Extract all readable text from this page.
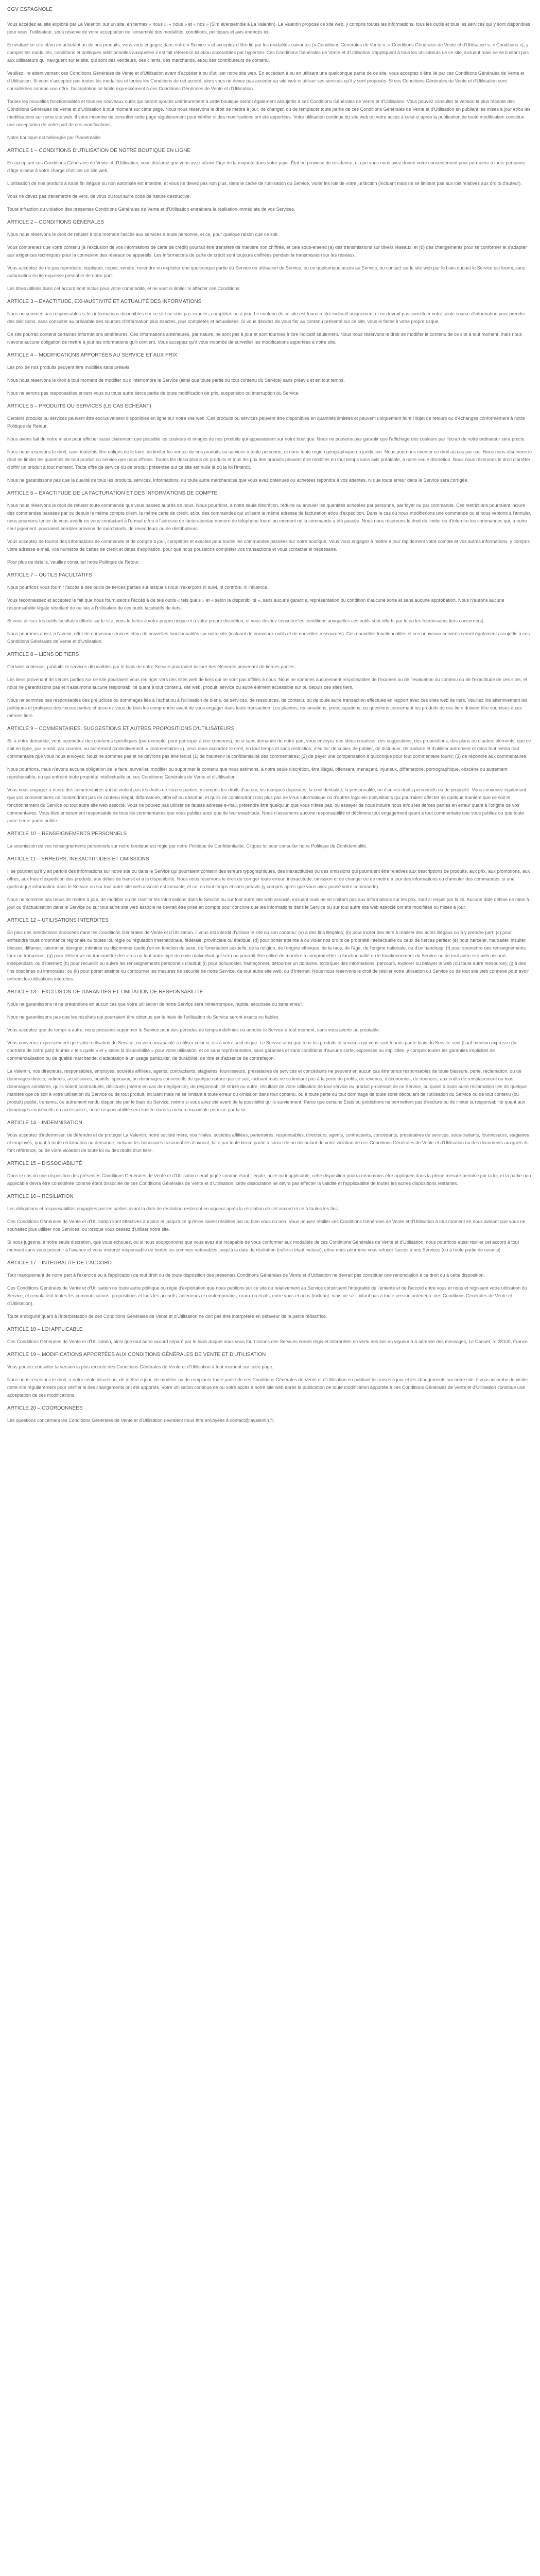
CGV ESPAGNOLE

Vous accédez au site exploité par La Valentin, sur un site, en termes « nous », « nous » et « nos » (Sim et/ensemble à La Valentin). La Valentin propose ce site web, y compris toutes les informations, tous les outils et tous les services qui y sont disponibles pour vous, l'utilisateur, sous réserve de votre acceptation de l'ensemble des modalités, conditions, politiques et avis énoncés ici.

En visitant ce site et/ou en achetant un de nos produits, vous vous engagez dans notre « Service » et acceptez d'être lié par les modalités suivantes (« Conditions Générales de Vente », « Conditions Générales de Vente et d'Utilisation », « Conditions »), y compris les modalités, conditions et politiques additionnelles auxquelles il est fait référence ici et/ou accessibles par hyperlien. Ces Conditions Générales de Vente et d'Utilisation s'appliquent à tous les utilisateurs de ce site, incluant mais ne se limitant pas aux utilisateurs qui naviguent sur le site, qui sont des vendeurs, des clients, des marchands, et/ou des contributeurs de contenu.

Veuillez lire attentivement ces Conditions Générales de Vente et d'Utilisation avant d'accéder à ou d'utiliser notre site web. En accédant à ou en utilisant une quelconque partie de ce site, vous acceptez d'être lié par ces Conditions Générales de Vente et d'Utilisation. Si vous n'acceptez pas toutes les modalités et toutes les Conditions de cet accord, alors vous ne devez pas accéder au site web ni utiliser ses services qu'il y sont proposés. Si ces Conditions Générales de Vente et d'Utilisation sont considérées comme une offre, l'acceptation se limite expressément à ces Conditions Générales de Vente et d'Utilisation.

Toutes les nouvelles fonctionnalités et tous les nouveaux outils qui seront ajoutés ultérieurement à cette boutique seront également assujettis à ces Conditions Générales de Vente et d'Utilisation. Vous pouvez consulter la version la plus récente des Conditions Générales de Vente et d'Utilisation à tout moment sur cette page. Nous nous réservons le droit de mettre à jour, de changer, ou de remplacer toute partie de ces Conditions Générales de Vente et d'Utilisation en publiant les mises à jour et/ou les modifications sur notre site web. Il vous incombe de consulter cette page régulièrement pour vérifier si des modifications ont été apportées. Votre utilisation continue du site web ou votre accès à celui-ci après la publication de toute modification constitue une acceptation de votre part de ces modifications.

Notre boutique est hébergée par Planetmailer.

ARTICLE 1 – CONDITIONS D'UTILISATION DE NOTRE BOUTIQUE EN LIGNE

En acceptant ces Conditions Générales de Vente et d'Utilisation, vous déclarez que vous avez atteint l'âge de la majorité dans votre pays, État ou province de résidence, et que vous nous avez donné votre consentement pour permettre à toute personne d'âge mineur à votre charge d'utiliser ce site web.

L'utilisation de nos produits à toute fin illégale ou non autorisée est interdite, et vous ne devez pas non plus, dans le cadre de l'utilisation du Service, violer les lois de votre juridiction (incluant mais ne se limitant pas aux lois relatives aux droits d'auteur).

Vous ne devez pas transmettre de vers, de virus ou tout autre code de nature destructive.

Toute infraction ou violation des présentes Conditions Générales de Vente et d'Utilisation entraînera la résiliation immédiate de vos Services.

ARTICLE 2 – CONDITIONS GÉNÉRALES

Nous nous réservons le droit de refuser à tout moment l'accès aux services à toute personne, et ce, pour quelque raison que ce soit.

Vous comprenez que votre contenu (à l'exclusion de vos informations de carte de crédit) pourrait être transféré de manière non chiffrée, et cela sous-entend (a) des transmissions sur divers réseaux; et (b) des changements pour se conformer et s'adapter aux exigences techniques pour la connexion des réseaux ou appareils. Les informations de carte de crédit sont toujours chiffrées pendant la transmission sur les réseaux.

Vous acceptez de ne pas reproduire, dupliquer, copier, vendre, revendre ou exploiter une quelconque partie du Service ou utilisation du Service, ou un quelconque accès au Service, ou contact sur le site web par le biais duquel le Service est fourni, sans autorisation écrite expresse préalable de notre part.

Les titres utilisés dans cet accord sont inclus pour votre commodité, et ne vont ni limiter ni affecter ces Conditions.

ARTICLE 3 – EXACTITUDE, EXHAUSTIVITÉ ET ACTUALITÉ DES INFORMATIONS

Nous ne sommes pas responsables si les informations disponibles sur ce site ne sont pas exactes, complètes ou à jour. Le contenu de ce site est fourni à titre indicatif uniquement et ne devrait pas constituer votre seule source d'information pour prendre des décisions, sans consulter au préalable des sources d'information plus exactes, plus complètes et actualisées. Si vous décidez de vous fier au contenu présenté sur ce site, vous le faites à votre propre risque.

Ce site pourrait contenir certaines informations antérieures. Ces informations antérieures, par nature, ne sont pas à jour et sont fournies à titre indicatif seulement. Nous nous réservons le droit de modifier le contenu de ce site à tout moment, mais nous n'avons aucune obligation de mettre à jour les informations qu'il contient. Vous acceptez qu'il vous incombe de surveiller les modifications apportées à notre site.

ARTICLE 4 – MODIFICATIONS APPORTÉES AU SERVICE ET AUX PRIX

Les prix de nos produits peuvent être modifiés sans préavis.

Nous nous réservons le droit à tout moment de modifier ou d'interrompre le Service (ainsi que toute partie ou tout contenu du Service) sans préavis et en tout temps.

Nous ne serons pas responsables envers vous ou toute autre tierce partie de toute modification de prix, suspension ou interruption du Service.

ARTICLE 5 – PRODUITS OU SERVICES (LE CAS ÉCHÉANT)

Certains produits ou services peuvent être exclusivement disponibles en ligne sur notre site web. Ces produits ou services peuvent être disponibles en quantités limitées et peuvent uniquement faire l'objet de retours ou d'échanges conformément à notre Politique de Retour.

Nous avons fait de notre mieux pour afficher aussi clairement que possible les couleurs et images de nos produits qui apparaissent sur notre boutique. Nous ne pouvons pas garantir que l'affichage des couleurs par l'écran de votre ordinateur sera précis.

Nous nous réservons le droit, sans toutefois être obligés de le faire, de limiter les ventes de nos produits ou services à toute personne, et dans toute région géographique ou juridiction. Nous pourrions exercer ce droit au cas par cas. Nous nous réservons le droit de limiter les quantités de tout produit ou service que nous offrons. Toutes les descriptions de produits et tous les prix des produits peuvent être modifiés en tout temps sans avis préalable, à notre seule discrétion. Nous nous réservons le droit d'arrêter d'offrir un produit à tout moment. Toute offre de service ou de produit présentée sur ce site est nulle là où la loi l'interdit.

Nous ne garantissons pas que la qualité de tous les produits, services, informations, ou toute autre marchandise que vous avez obtenues ou achetées répondra à vos attentes, ni que toute erreur dans le Service sera corrigée.

ARTICLE 6 – EXACTITUDE DE LA FACTURATION ET DES INFORMATIONS DE COMPTE

Nous nous réservons le droit de refuser toute commande que vous passez auprès de nous. Nous pourrions, à notre seule discrétion, réduire ou annuler les quantités achetées par personne, par foyer ou par commande. Ces restrictions pourraient inclure des commandes passées par ou depuis le même compte client, la même carte de crédit, et/ou des commandes qui utilisent la même adresse de facturation et/ou d'expédition. Dans le cas où nous modifierions une commande ou si nous venions à l'annuler, nous pourrions tenter de vous avertir en vous contactant à l'e-mail et/ou à l'adresse de facturation/au numéro de téléphone fourni au moment où la commande a été passée. Nous nous réservons le droit de limiter ou d'interdire les commandes qui, à notre seul jugement, pourraient sembler provenir de marchands, de revendeurs ou de distributeurs.

Vous acceptez de fournir des informations de commande et de compte à jour, complètes et exactes pour toutes les commandes passées sur notre boutique. Vous vous engagez à mettre à jour rapidement votre compte et vos autres informations, y compris votre adresse e-mail, vos numéros de cartes de crédit et dates d'expiration, pour que nous poussions compléter vos transactions et vous contacter si nécessaire.

Pour plus de détails, veuillez consulter notre Politique de Retour.

ARTICLE 7 – OUTILS FACULTATIFS

Nous pourrions vous fournir l'accès à des outils de tierces parties sur lesquels nous n'exerçons ni suivi, ni contrôle, ni influence.

Vous reconnaissez et acceptez le fait que nous fournissions l'accès à de tels outils « tels quels » et « selon la disponibilité », sans aucune garantie, représentation ou condition d'aucune sorte et sans aucune approbation. Nous n'aurons aucune responsabilité légale résultant de ou liée à l'utilisation de ces outils facultatifs de tiers.

Si vous utilisez les outils facultatifs offerts sur le site, vous le faites à votre propre risque et à votre propre discrétion, et vous devriez consulter les conditions auxquelles ces outils sont offerts par le ou les fournisseurs tiers concerné(s).

Nous pourrions aussi, à l'avenir, offrir de nouveaux services et/ou de nouvelles fonctionnalités sur notre site (incluant de nouveaux outils et de nouvelles ressources). Ces nouvelles fonctionnalités et ces nouveaux services seront également assujettis à ces Conditions Générales de Vente et d'Utilisation.

ARTICLE 8 – LIENS DE TIERS

Certains contenus, produits et services disponibles par le biais de notre Service pourraient inclure des éléments provenant de tierces parties.

Les liens provenant de tierces parties sur ce site pourraient vous rediriger vers des sites web de tiers qui ne sont pas affiliés à nous. Nous ne sommes aucunement responsables de l'examen ou de l'évaluation du contenu ou de l'exactitude de ces sites, et nous ne garantissons pas et n'assumons aucune responsabilité quant à tout contenu, site web, produit, service ou autre élément accessible sur ou depuis ces sites tiers.

Nous ne sommes pas responsables des préjudices ou dommages liés à l'achat ou à l'utilisation de biens, de services, de ressources, de contenu, ou de toute autre transaction effectuée en rapport avec ces sites web de tiers. Veuillez lire attentivement les politiques et pratiques des tierces parties et assurez-vous de bien les comprendre avant de vous engager dans toute transaction. Les plaintes, réclamations, préoccupations, ou questions concernant les produits de ces tiers doivent être soumises à ces mêmes tiers.

ARTICLE 9 – COMMENTAIRES, SUGGESTIONS ET AUTRES PROPOSITIONS D'UTILISATEURS

Si, à notre demande, vous soumettez des contenus spécifiques (par exemple, pour participer à des concours), ou si sans demande de notre part, vous envoyez des idées créatives, des suggestions, des propositions, des plans ou d'autres éléments, que ce soit en ligne, par e-mail, par courrier, ou autrement (collectivement, « commentaires »), vous nous accordez le droit, en tout temps et sans restriction, d'éditer, de copier, de publier, de distribuer, de traduire et d'utiliser autrement et dans tout média tout commentaire que vous nous envoyez. Nous ne sommes pas et ne devrons pas être tenus (1) de maintenir la confidentialité des commentaires; (2) de payer une compensation à quiconque pour tout commentaire fourni; (3) de répondre aux commentaires.

Nous pourrions, mais n'avons aucune obligation de le faire, surveiller, modifier ou supprimer le contenu que nous estimons, à notre seule discrétion, être illégal, offensant, menaçant, injurieux, diffamatoire, pornographique, obscène ou autrement répréhensible, ou qui enfreint toute propriété intellectuelle ou ces Conditions Générales de Vente et d'Utilisation.

Vous vous engagez à écrire des commentaires qui ne violent pas les droits de tierces parties, y compris les droits d'auteur, les marques déposées, la confidentialité, la personnalité, ou d'autres droits personnels ou de propriété. Vous convenez également que vos commentaires ne contiendront pas de contenu illégal, diffamatoire, offensif ou obscène, et qu'ils ne contiendront non plus pas de virus informatique ou d'autres logiciels malveillants qui pourraient affecter de quelque manière que ce soit le fonctionnement du Service ou tout autre site web associé. Vous ne pouvez pas utiliser de fausse adresse e-mail, prétendre être quelqu'un que vous n'êtes pas, ou essayer de nous induire nous et/ou les tierces parties en erreur quant à l'origine de vos commentaires. Vous êtes entièrement responsable de tous les commentaires que vous publiez ainsi que de leur exactitude. Nous n'assumons aucune responsabilité et déclinons tout engagement quant à tout commentaire que vous publiez ou que toute autre tierce partie publie.

ARTICLE 10 – RENSEIGNEMENTS PERSONNELS

La soumission de vos renseignements personnels sur notre boutique est régie par notre Politique de Confidentialité. Cliquez ici pour consulter notre Politique de Confidentialité.

ARTICLE 11 – ERREURS, INEXACTITUDES ET OMISSIONS

Il se pourrait qu'il y ait parfois des informations sur notre site ou dans le Service qui pourraient contenir des erreurs typographiques, des inexactitudes ou des omissions qui pourraient être relatives aux descriptions de produits, aux prix, aux promotions, aux offres, aux frais d'expédition des produits, aux délais de transit et à la disponibilité. Nous nous réservons le droit de corriger toute erreur, inexactitude, omission et de changer ou de mettre à jour des informations ou d'annuler des commandes, si une quelconque information dans le Service ou sur tout autre site web associé est inexacte, et ce, en tout temps et sans préavis (y compris après que vous ayez passé votre commande).

Nous ne sommes pas tenus de mettre à jour, de modifier ou de clarifier les informations dans le Service ou sur tout autre site web associé, incluant mais ne se limitant pas aux informations sur les prix, sauf si requis par la loi. Aucune date définie de mise à jour ou d'actualisation dans le Service ou sur tout autre site web associé ne devrait être prise en compte pour conclure que les informations dans le Service ou sur tout autre site web associé ont été modifiées ou mises à jour.

ARTICLE 12 – UTILISATIONS INTERDITES

En plus des interdictions énoncées dans les Conditions Générales de Vente et d'Utilisation, il vous est interdit d'utiliser le site ou son contenu: (a) à des fins illégales; (b) pour inciter des tiers à réaliser des actes illégaux ou à y prendre part; (c) pour enfreindre toute ordonnance régionale ou toutes loi, règle ou régulation internationale, fédérale, provinciale ou étatique; (d) pour porter atteinte à ou violer nos droits de propriété intellectuelle ou ceux de tierces parties; (e) pour harceler, maltraiter, insulter, blesser, diffamer, calomnier, dénigrer, intimider ou discriminer quelqu'un en fonction du sexe, de l'orientation sexuelle, de la religion, de l'origine ethnique, de la race, de l'âge, de l'origine nationale, ou d'un handicap; (f) pour soumettre des renseignements faux ou trompeurs; (g) pour téléverser ou transmettre des virus ou tout autre type de code malveillant qui sera ou pourrait être utilisé de manière à compromettre la fonctionnalité ou le fonctionnement du Service ou de tout autre site web associé, indépendant, ou d'Internet; (h) pour recueillir ou suivre les renseignements personnels d'autrui; (i) pour polluposter, hameçonner, détourner un domaine, extorquer des informations, parcourir, explorer ou balayer le web (ou toute autre ressource); (j) à des fins obscènes ou immorales; ou (k) pour porter atteinte ou contourner les mesures de sécurité de notre Service, de tout autre site web, ou d'Internet. Nous nous réservons le droit de résilier votre utilisation du Service ou de tout site web connexe pour avoir enfreint les utilisations interdites.

ARTICLE 13 – EXCLUSION DE GARANTIES ET LIMITATION DE RESPONSABILITÉ

Nous ne garantissons ni ne prétendons en aucun cas que votre utilisation de notre Service sera ininterrompue, rapide, sécurisée ou sans erreur.

Nous ne garantissons pas que les résultats qui pourraient être obtenus par le biais de l'utilisation du Service seront exacts ou fiables.

Vous acceptez que de temps à autre, nous puissions supprimer le Service pour des périodes de temps indéfinies ou annuler le Service à tout moment, sans vous avertir au préalable.

Vous convenez expressément que votre utilisation du Service, ou votre incapacité à utiliser celui-ci, est à votre seul risque. Le Service ainsi que tous les produits et services qui vous sont fournis par le biais du Service sont (sauf mention expresse du contraire de notre part) fournis « tels quels » et « selon la disponibilité » pour votre utilisation, et ce sans représentation, sans garanties et sans conditions d'aucune sorte, expresses ou implicites, y compris toutes les garanties implicites de commercialisation ou de qualité marchande, d'adaptation à un usage particulier, de durabilité, de titre et d'absence de contrefaçon.

La Valentin, nos directeurs, responsables, employés, sociétés affiliées, agents, contractants, stagiaires, fournisseurs, prestataires de services et concédants ne peuvent en aucun cas être tenus responsables de toute blessure, perte, réclamation, ou de dommages directs, indirects, accessoires, punitifs, spéciaux, ou dommages consécutifs de quelque nature que ce soit, incluant mais ne se limitant pas à la perte de profits, de revenus, d'économies, de données, aux coûts de remplacement ou tous dommages similaires, qu'ils soient contractuels, délictuels (même en cas de négligence), de responsabilité stricte ou autre, résultant de votre utilisation de tout service ou produit provenant de ce Service, ou quant à toute autre réclamation liée de quelque manière que ce soit à votre utilisation du Service ou de tout produit, incluant mais ne se limitant à toute erreur ou omission dans tout contenu, ou à toute perte ou tout dommage de toute sorte découlant de l'utilisation du Service ou de tout contenu (ou produit) publié, transmis, ou autrement rendu disponible par le biais du Service, même si vous avez été averti de la possibilité qu'ils surviennent. Parce que certains États ou juridictions ne permettent pas d'exclure ou de limiter la responsabilité quant aux dommages consécutifs ou accessoires, notre responsabilité sera limitée dans la mesure maximale permise par la loi.

ARTICLE 14 – INDEMNISATION

Vous acceptez d'indemniser, de défendre et de protéger La Valentin, notre société mère, nos filiales, sociétés affiliées, partenaires, responsables, directeurs, agents, contractants, concédants, prestataires de services, sous-traitants, fournisseurs, stagiaires et employés, quant à toute réclamation ou demande, incluant les honoraires raisonnables d'avocat, faite par toute tierce partie à cause de ou découlant de votre violation de ces Conditions Générales de Vente et d'Utilisation ou des documents auxquels ils font référence, ou de votre violation de toute loi ou des droits d'un tiers.

ARTICLE 15 – DISSOCIABILITÉ

Dans le cas où une disposition des présentes Conditions Générales de Vente et d'Utilisation serait jugée comme étant illégale, nulle ou inapplicable, cette disposition pourra néanmoins être appliquée dans la pleine mesure permise par la loi, et la partie non applicable devra être considérée comme étant dissociée de ces Conditions Générales de Vente et d'Utilisation, cette dissociation ne devra pas affecter la validité et l'applicabilité de toutes les autres dispositions restantes.

ARTICLE 16 – RÉSILIATION

Les obligations et responsabilités engagées par les parties avant la date de résiliation resteront en vigueur après la résiliation de cet accord et ce à toutes les fins.

Ces Conditions Générales de Vente et d'Utilisation sont effectives à moins et jusqu'à ce qu'elles soient résiliées par ou bien vous ou non. Vous pouvez résilier ces Conditions Générales de Vente et d'Utilisation à tout moment en nous avisant que vous ne souhaitez plus utiliser nos Services, ou lorsque vous cessez d'utiliser notre site.

Si nous jugeons, à notre seule discrétion, que vous échouez, ou si nous soupçonnons que vous avez été incapable de vous conformer aux modalités de ces Conditions Générales de Vente et d'Utilisation, nous pourrions aussi résilier cet accord à tout moment sans vous prévenir à l'avance et vous resterez responsable de toutes les sommes redevables jusqu'à la date de résiliation (celle-ci étant incluse); et/ou nous pourrions vous refuser l'accès à nos Services (ou à toute partie de ceux-ci).

ARTICLE 17 – INTÉGRALITÉ DE L'ACCORD

Tout manquement de notre part à l'exercice ou à l'application de tout droit ou de toute disposition des présentes Conditions Générales de Vente et d'Utilisation ne devrait pas constituer une renonciation à ce droit ou à cette disposition.

Ces Conditions Générales de Vente et d'Utilisation ou toute autre politique ou règle d'exploitation que nous publions sur ce site ou relativement au Service constituent l'intégralité de l'entente et de l'accord entre vous et nous et régissent votre utilisation du Service, et remplacent toutes les communications, propositions et tous les accords, antérieurs et contemporains, oraux ou écrits, entre vous et nous (incluant, mais ne se limitant pas à toute version antérieure des Conditions Générales de Vente et d'Utilisation).

Toute ambiguïté quant à l'interprétation de ces Conditions Générales de Vente et d'Utilisation ne doit pas être interprétée en défaveur de la partie rédactrice.

ARTICLE 18 – LOI APPLICABLE

Ces Conditions Générales de Vente et d'Utilisation, ainsi que tout autre accord séparé par le biais duquel nous vous fournissons des Services seront régis et interprétés en vertu des lois en vigueur à à adresse des messages, Le Cannet, rc 28100, France.

ARTICLE 19 – MODIFICATIONS APPORTÉES AUX CONDITIONS GÉNÉRALES DE VENTE ET D'UTILISATION

Vous pouvez consulter la version la plus récente des Conditions Générales de Vente et d'Utilisation à tout moment sur cette page.

Nous nous réservons le droit, à notre seule discrétion, de mettre à jour, de modifier ou de remplacer toute partie de ces Conditions Générales de Vente et d'Utilisation en publiant les mises à jour et les changements sur notre site. Il vous incombe de visiter notre site régulièrement pour vérifier si des changements ont été apportés. Votre utilisation continue de ou votre accès à notre site web après la publication de toute modification apportée à ces Conditions Générales de Vente et d'Utilisation constitue une acceptation de ces modifications.

ARTICLE 20 – COORDONNÉES

Les questions concernant les Conditions Générales de Vente et d'Utilisation devraient nous être envoyées à contact@lavalentin.fr.
